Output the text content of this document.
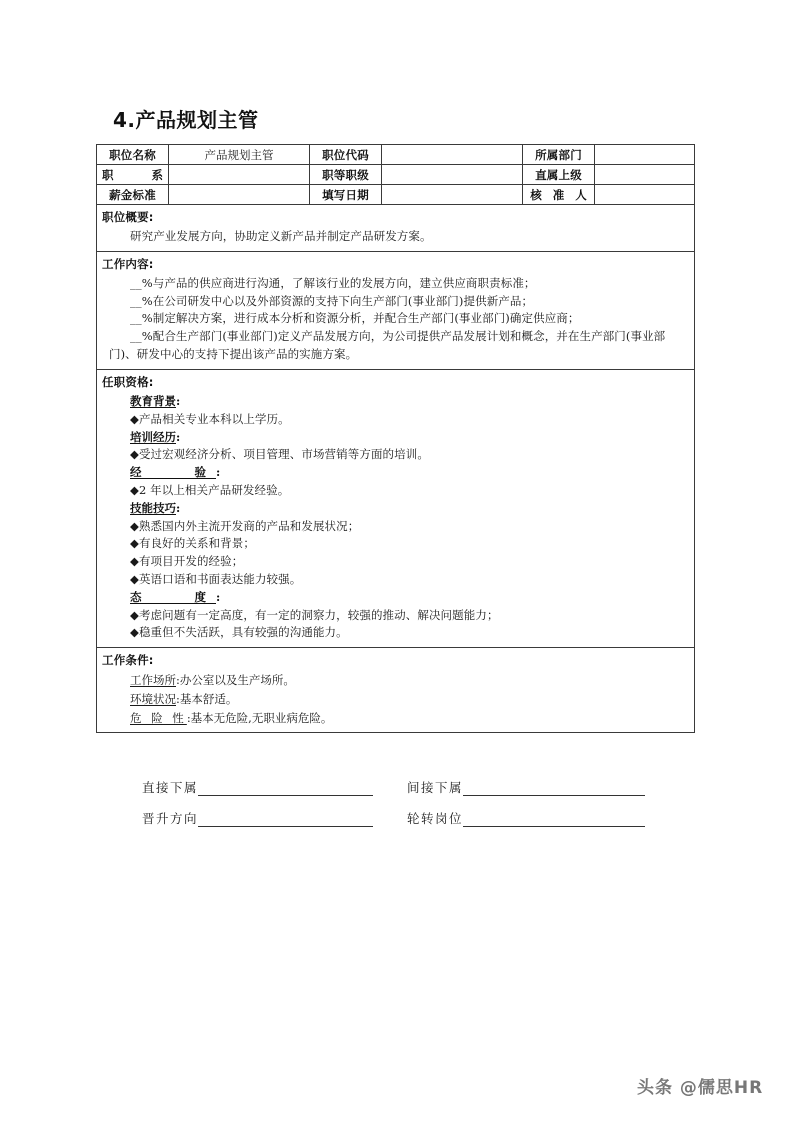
4.产品规划主管
职位名称	产品规划主管	职位代码		所属部门	
职　　系		职等职级		直属上级	
薪金标准		填写日期		核 准 人	

职位概要:
研究产业发展方向，协助定义新产品并制定产品研发方案。					

工作内容:
__%与产品的供应商进行沟通，了解该行业的发展方向，建立供应商职责标准；
__%在公司研发中心以及外部资源的支持下向生产部门(事业部门)提供新产品；
__%制定解决方案，进行成本分析和资源分析，并配合生产部门(事业部门)确定供应商；
__%配合生产部门(事业部门)定义产品发展方向，为公司提供产品发展计划和概念，并在生产部门(事业部门)、研发中心的支持下提出该产品的实施方案。					

任职资格:
教育背景:
◆产品相关专业本科以上学历。
培训经历:
◆受过宏观经济分析、项目管理、市场营销等方面的培训。
经　　验:
◆2 年以上相关产品研发经验。
技能技巧:
◆熟悉国内外主流开发商的产品和发展状况；
◆有良好的关系和背景；
◆有项目开发的经验；
◆英语口语和书面表达能力较强。
态　　度:
◆考虑问题有一定高度，有一定的洞察力，较强的推动、解决问题能力；
◆稳重但不失活跃，具有较强的沟通能力。

工作条件:
工作场所:办公室以及生产场所。
环境状况:基本舒适。
危 险 性:基本无危险,无职业病危险。					
直接下属	间接下属
晋升方向	轮转岗位
头条 @儒思HR
